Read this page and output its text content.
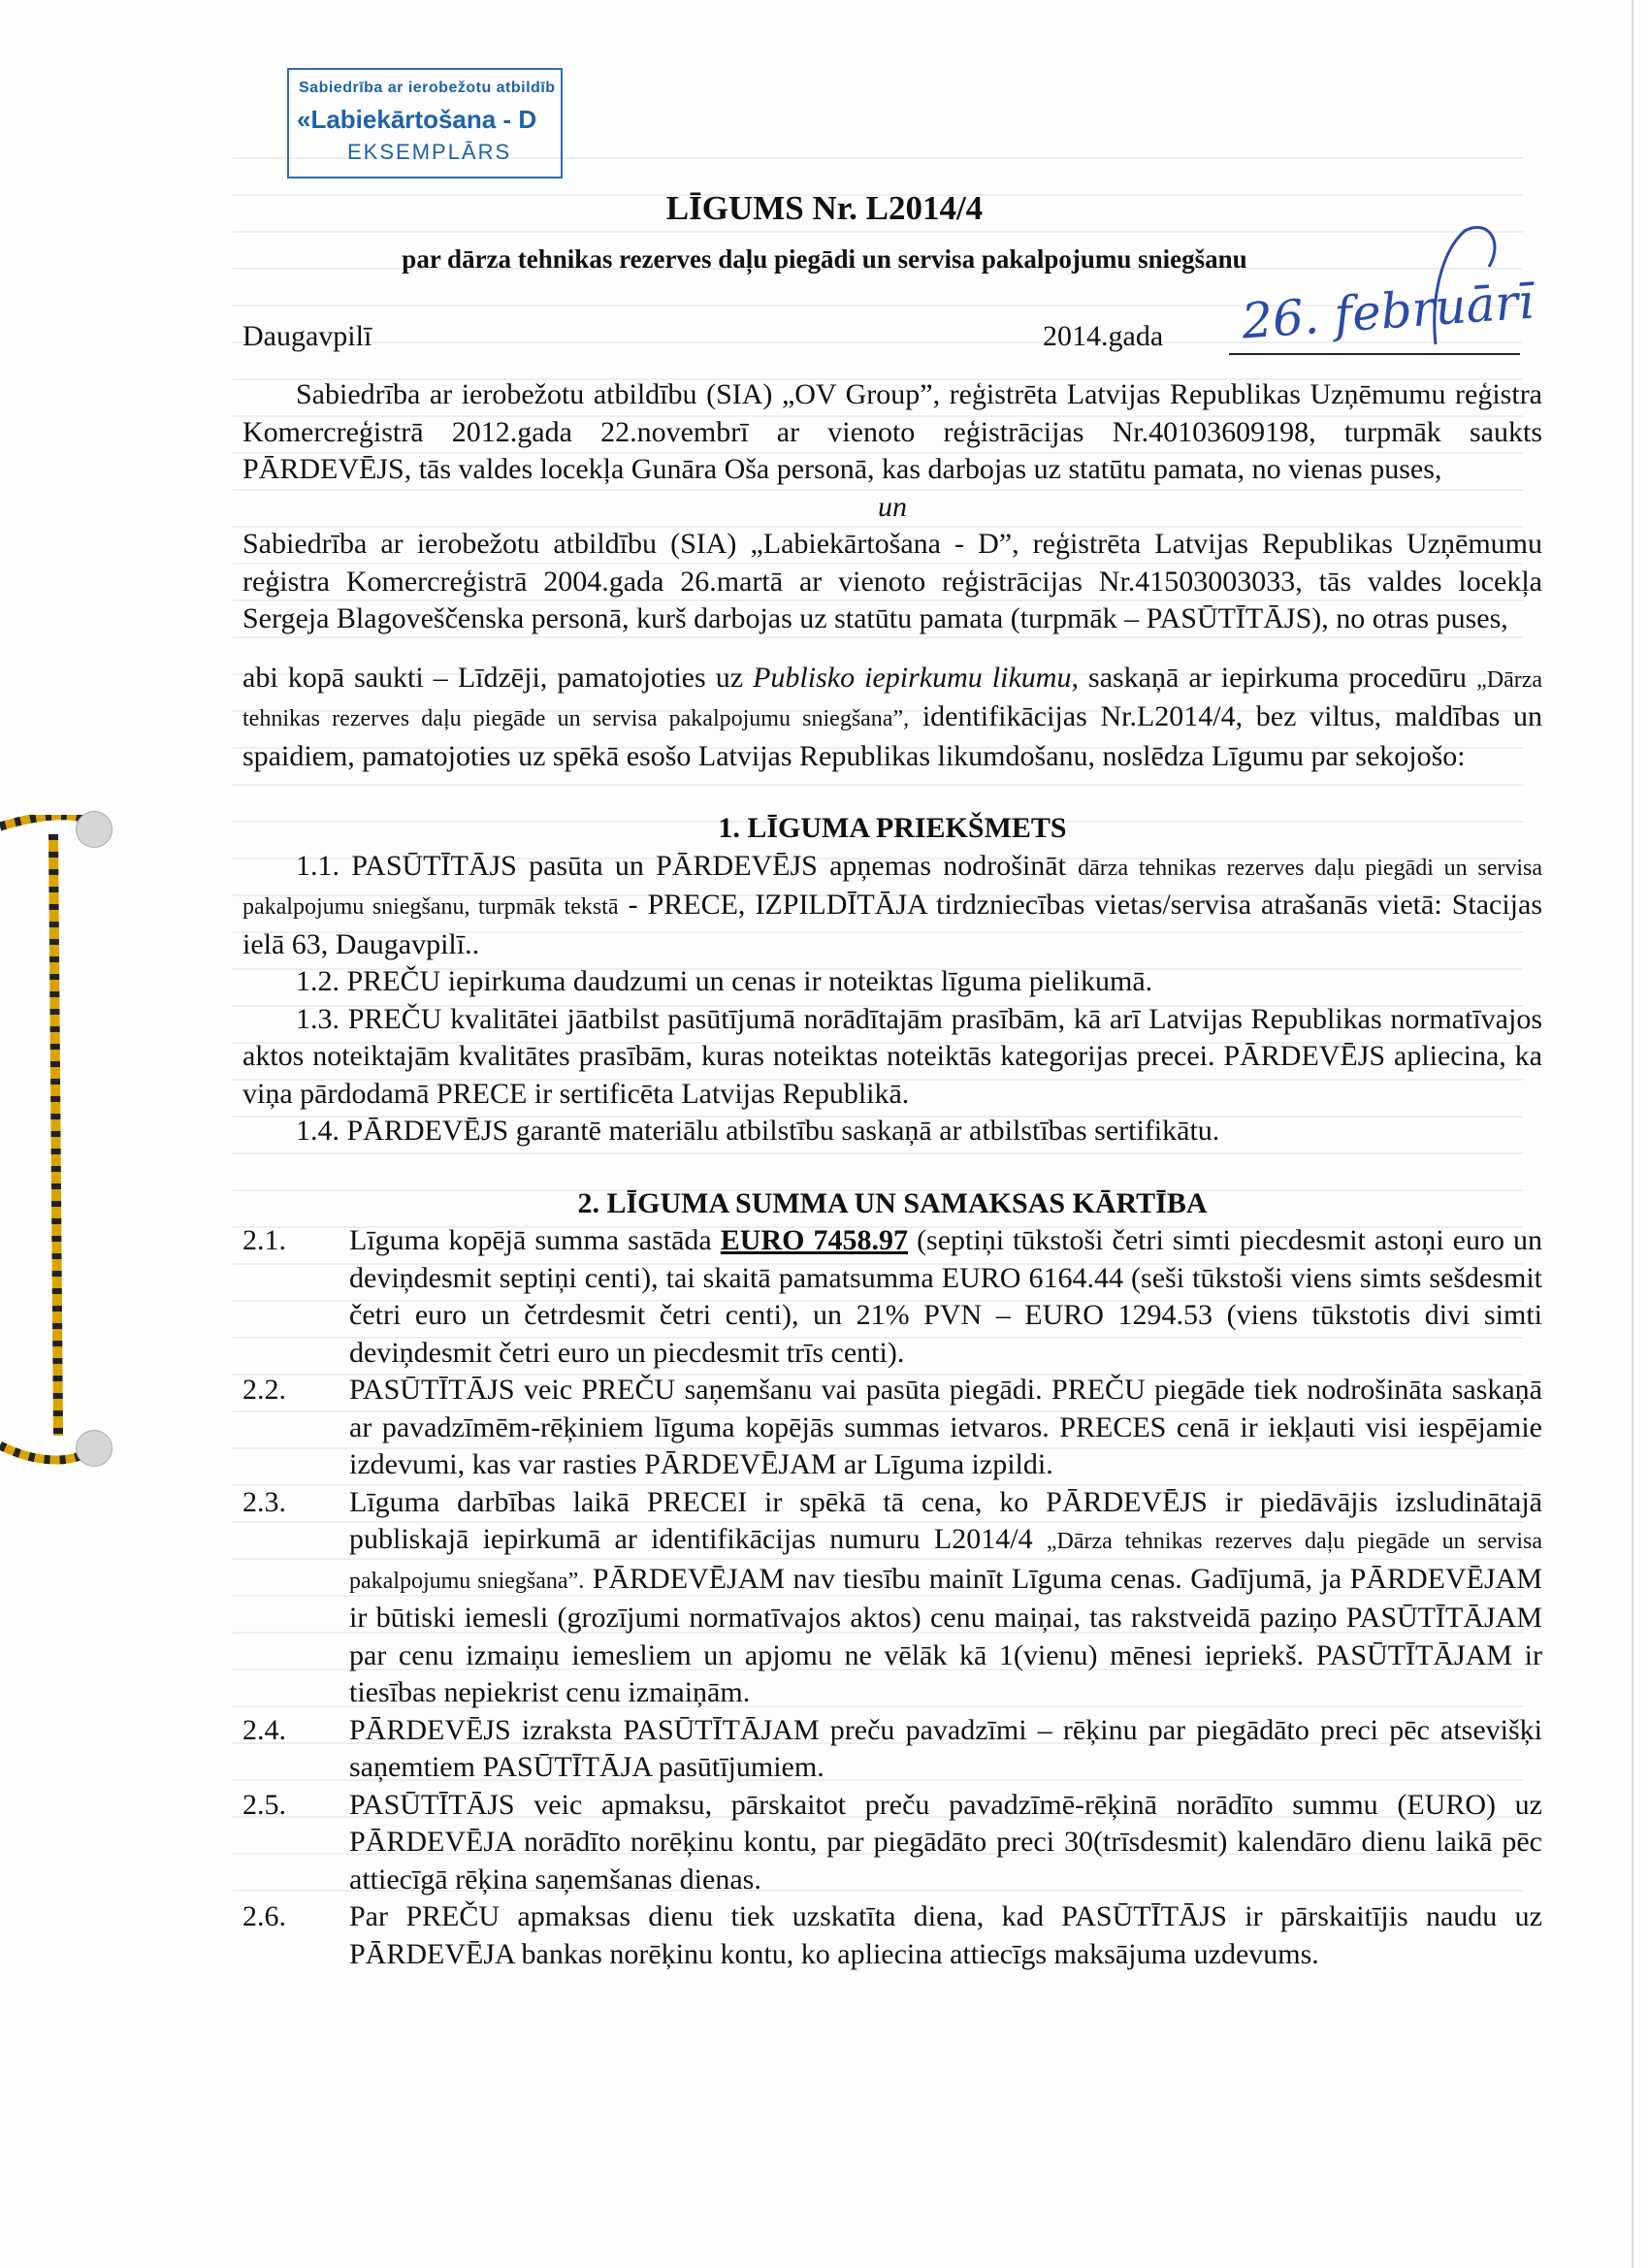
Sabiedrība ar ierobežotu atbildīb
«Labiekārtošana - D
EKSEMPLĀRS
LĪGUMS Nr. L2014/4
par dārza tehnikas rezerves daļu piegādi un servisa pakalpojumu sniegšanu
Daugavpilī	2014.gada 26. februārī

Sabiedrība ar ierobežotu atbildību (SIA) „OV Group”, reģistrēta Latvijas Republikas Uzņēmumu reģistra Komercreģistrā 2012.gada 22.novembrī ar vienoto reģistrācijas Nr.40103609198, turpmāk saukts PĀRDEVĒJS, tās valdes locekļa Gunāra Oša personā, kas darbojas uz statūtu pamata, no vienas puses,

un

Sabiedrība ar ierobežotu atbildību (SIA) „Labiekārtošana - D”, reģistrēta Latvijas Republikas Uzņēmumu reģistra Komercreģistrā 2004.gada 26.martā ar vienoto reģistrācijas Nr.41503003033, tās valdes locekļa Sergeja Blagoveščenska personā, kurš darbojas uz statūtu pamata (turpmāk – PASŪTĪTĀJS), no otras puses,

abi kopā saukti – Līdzēji, pamatojoties uz Publisko iepirkumu likumu, saskaņā ar iepirkuma procedūru „Dārza tehnikas rezerves daļu piegāde un servisa pakalpojumu sniegšana”, identifikācijas Nr.L2014/4, bez viltus, maldības un spaidiem, pamatojoties uz spēkā esošo Latvijas Republikas likumdošanu, noslēdza Līgumu par sekojošo:

1. LĪGUMA PRIEKŠMETS

1.1. PASŪTĪTĀJS pasūta un PĀRDEVĒJS apņemas nodrošināt dārza tehnikas rezerves daļu piegādi un servisa pakalpojumu sniegšanu, turpmāk tekstā - PRECE, IZPILDĪTĀJA tirdzniecības vietas/servisa atrašanās vietā: Stacijas ielā 63, Daugavpilī..

1.2. PREČU iepirkuma daudzumi un cenas ir noteiktas līguma pielikumā.

1.3. PREČU kvalitātei jāatbilst pasūtījumā norādītajām prasībām, kā arī Latvijas Republikas normatīvajos aktos noteiktajām kvalitātes prasībām, kuras noteiktas noteiktās kategorijas precei. PĀRDEVĒJS apliecina, ka viņa pārdodamā PRECE ir sertificēta Latvijas Republikā.

1.4. PĀRDEVĒJS garantē materiālu atbilstību saskaņā ar atbilstības sertifikātu.

2. LĪGUMA SUMMA UN SAMAKSAS KĀRTĪBA

2.1.	Līguma kopējā summa sastāda EURO 7458.97 (septiņi tūkstoši četri simti piecdesmit astoņi euro un deviņdesmit septiņi centi), tai skaitā pamatsumma EURO 6164.44 (seši tūkstoši viens simts sešdesmit četri euro un četrdesmit četri centi), un 21% PVN – EURO 1294.53 (viens tūkstotis divi simti deviņdesmit četri euro un piecdesmit trīs centi).
2.2.	PASŪTĪTĀJS veic PREČU saņemšanu vai pasūta piegādi. PREČU piegāde tiek nodrošināta saskaņā ar pavadzīmēm-rēķiniem līguma kopējās summas ietvaros. PRECES cenā ir iekļauti visi iespējamie izdevumi, kas var rasties PĀRDEVĒJAM ar Līguma izpildi.
2.3.	Līguma darbības laikā PRECEI ir spēkā tā cena, ko PĀRDEVĒJS ir piedāvājis izsludinātajā publiskajā iepirkumā ar identifikācijas numuru L2014/4 „Dārza tehnikas rezerves daļu piegāde un servisa pakalpojumu sniegšana”. PĀRDEVĒJAM nav tiesību mainīt Līguma cenas. Gadījumā, ja PĀRDEVĒJAM ir būtiski iemesli (grozījumi normatīvajos aktos) cenu maiņai, tas rakstveidā paziņo PASŪTĪTĀJAM par cenu izmaiņu iemesliem un apjomu ne vēlāk kā 1(vienu) mēnesi iepriekš. PASŪTĪTĀJAM ir tiesības nepiekrist cenu izmaiņām.
2.4.	PĀRDEVĒJS izraksta PASŪTĪTĀJAM preču pavadzīmi – rēķinu par piegādāto preci pēc atsevišķi saņemtiem PASŪTĪTĀJA pasūtījumiem.
2.5.	PASŪTĪTĀJS veic apmaksu, pārskaitot preču pavadzīmē-rēķinā norādīto summu (EURO) uz PĀRDEVĒJA norādīto norēķinu kontu, par piegādāto preci 30(trīsdesmit) kalendāro dienu laikā pēc attiecīgā rēķina saņemšanas dienas.
2.6.	Par PREČU apmaksas dienu tiek uzskatīta diena, kad PASŪTĪTĀJS ir pārskaitījis naudu uz PĀRDEVĒJA bankas norēķinu kontu, ko apliecina attiecīgs maksājuma uzdevums.
